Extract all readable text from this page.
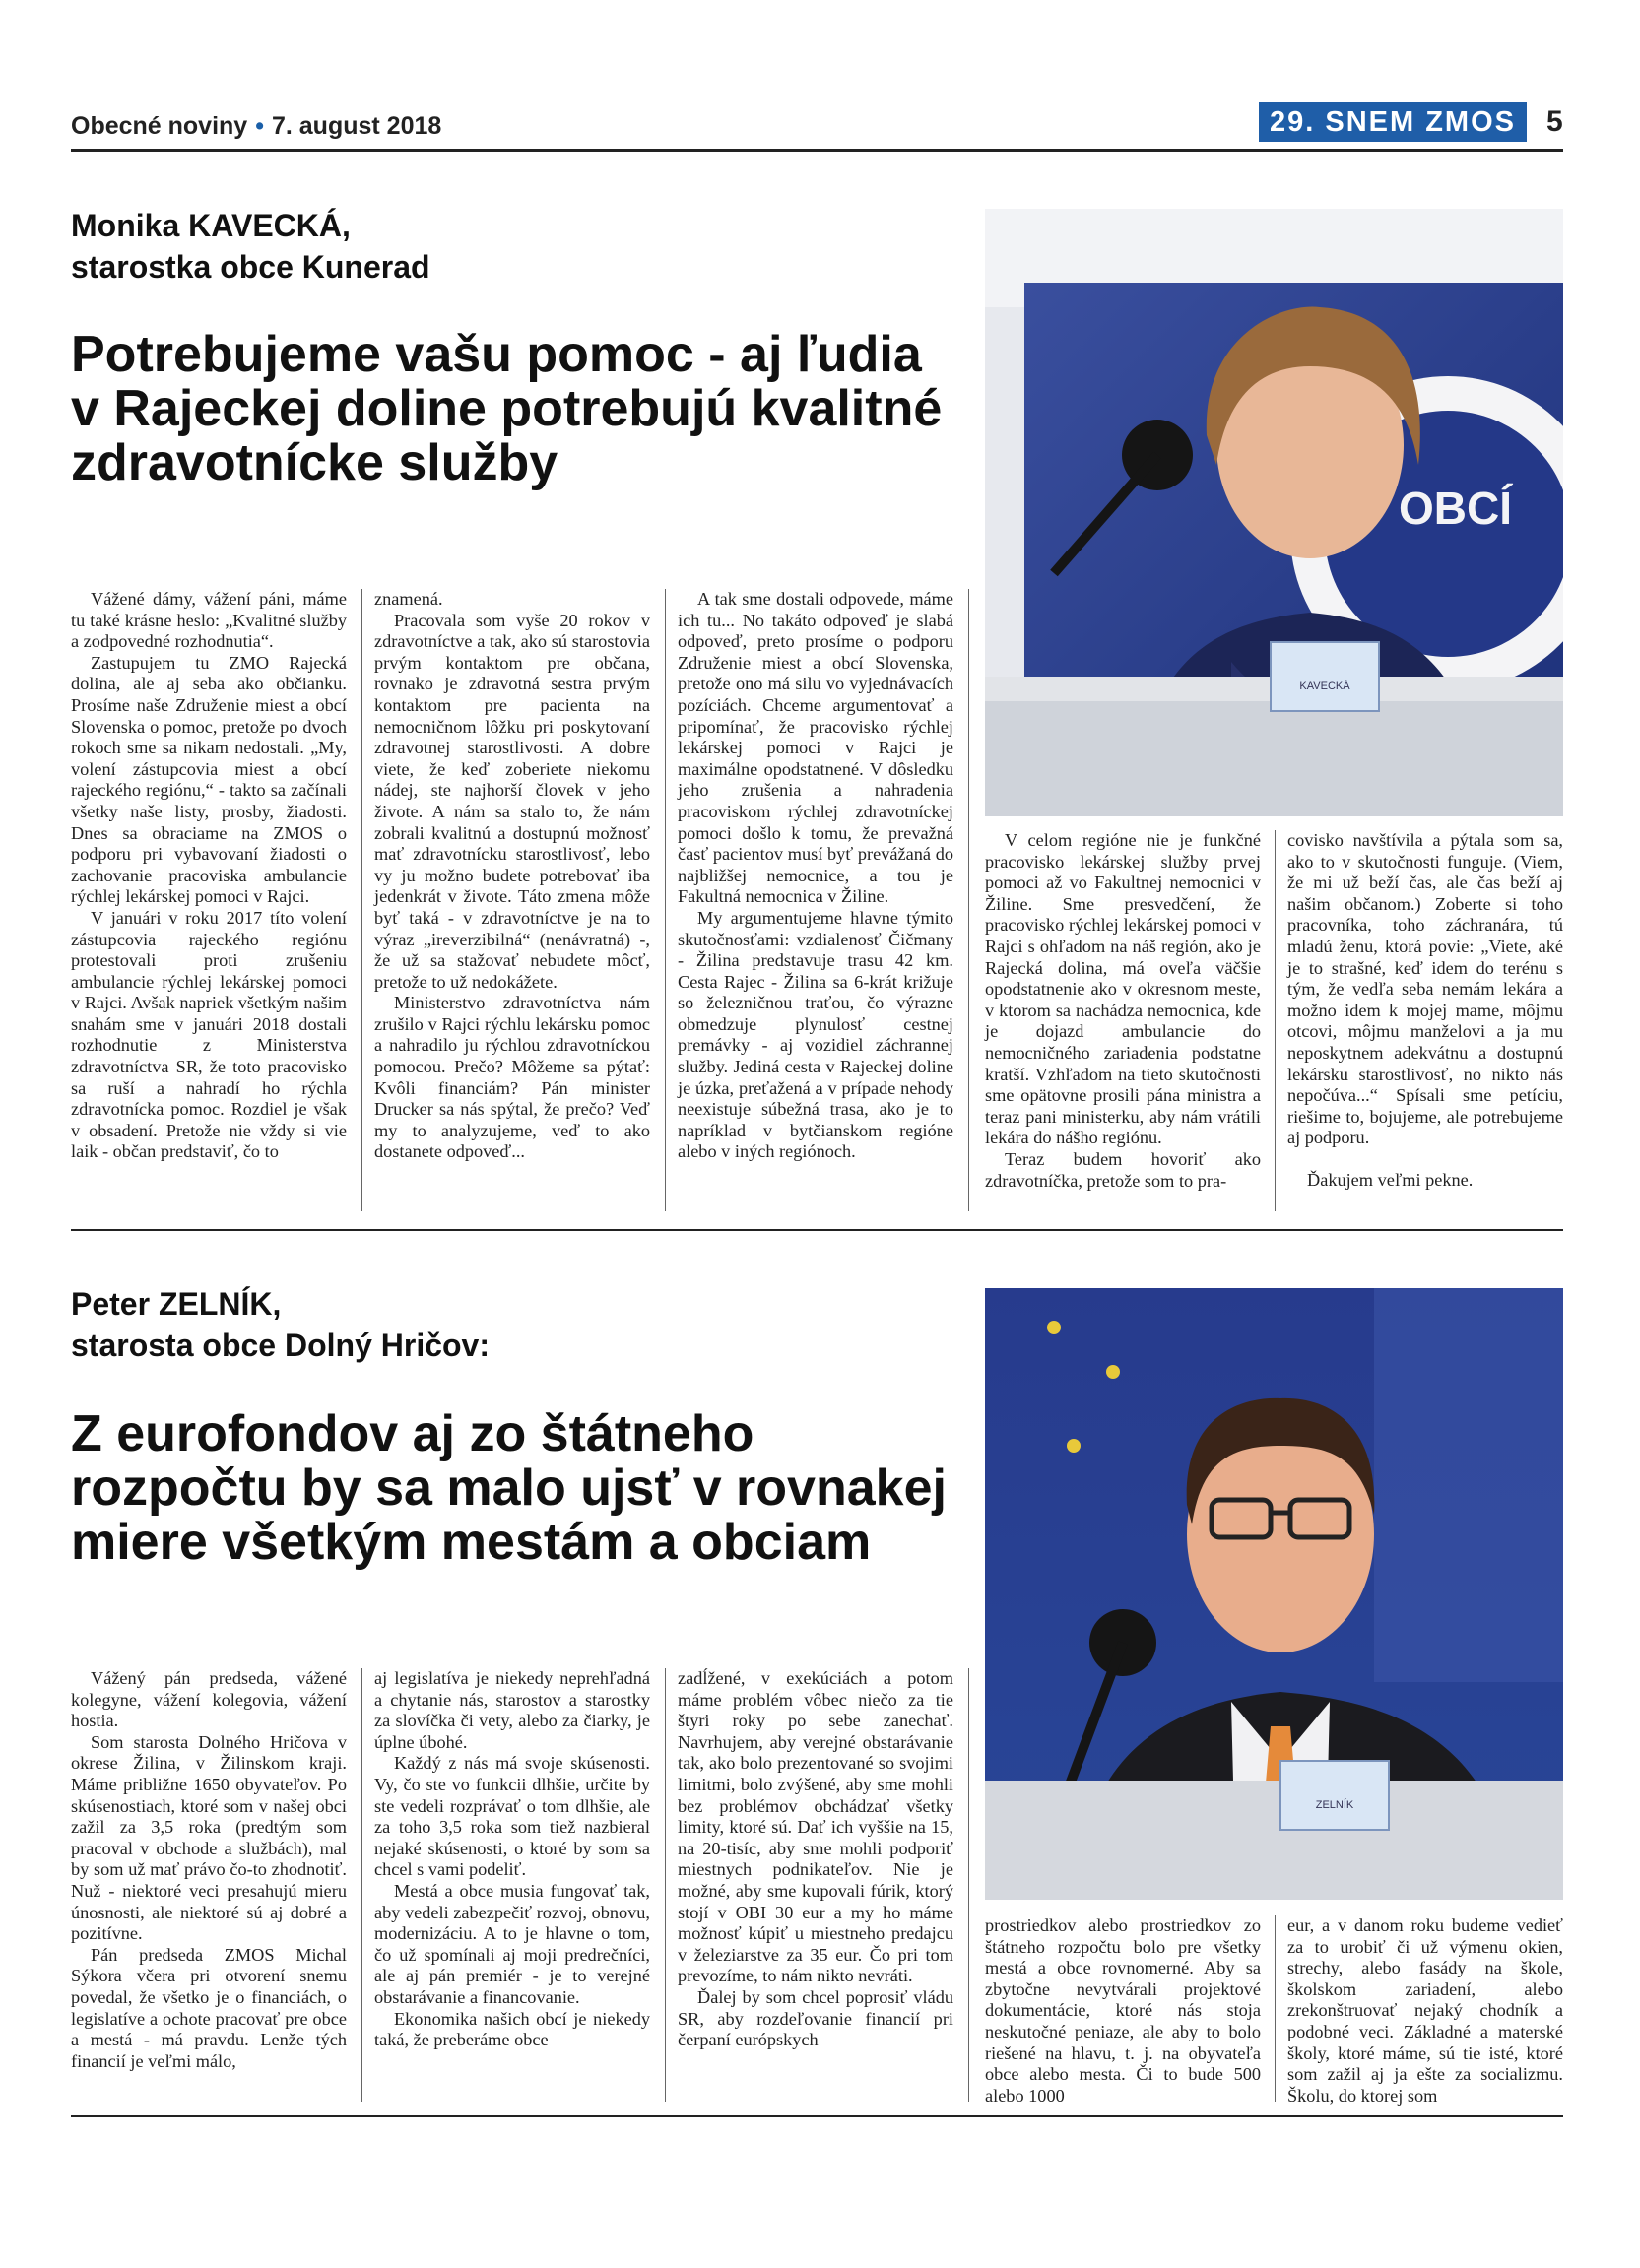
Obecné noviny • 7. august 2018	29. SNEM ZMOS	5
Monika KAVECKÁ,
starostka obce Kunerad
Potrebujeme vašu pomoc - aj ľudia v Rajeckej doline potrebujú kvalitné zdravotnícke služby
OBCÍ
KAVECKÁ

Vážené dámy, vážení páni, máme tu také krásne heslo: „Kvalitné služby a zodpovedné rozhodnutia“.

Zastupujem tu ZMO Rajecká dolina, ale aj seba ako občianku. Prosíme naše Združenie miest a obcí Slovenska o pomoc, pretože po dvoch rokoch sme sa nikam nedostali. „My, volení zástupcovia miest a obcí rajeckého regiónu,“ - takto sa začínali všetky naše listy, prosby, žiadosti. Dnes sa obraciame na ZMOS o podporu pri vybavovaní žiadosti o zachovanie pracoviska ambulancie rýchlej lekárskej pomoci v Rajci.

V januári v roku 2017 títo volení zástupcovia rajeckého regiónu protestovali proti zrušeniu ambulancie rýchlej lekárskej pomoci v Rajci. Avšak napriek všetkým našim snahám sme v januári 2018 dostali rozhodnutie z Ministerstva zdravotníctva SR, že toto pracovisko sa ruší a nahradí ho rýchla zdravotnícka pomoc. Rozdiel je však v obsadení. Pretože nie vždy si vie laik - občan predstaviť, čo to

znamená.

Pracovala som vyše 20 rokov v zdravotníctve a tak, ako sú starostovia prvým kontaktom pre občana, rovnako je zdravotná sestra prvým kontaktom pre pacienta na nemocničnom lôžku pri poskytovaní zdravotnej starostlivosti. A dobre viete, že keď zoberiete niekomu nádej, ste najhorší človek v jeho živote. A nám sa stalo to, že nám zobrali kvalitnú a dostupnú možnosť mať zdravotnícku starostlivosť, lebo vy ju možno budete potrebovať iba jedenkrát v živote. Táto zmena môže byť taká - v zdravotníctve je na to výraz „ireverzibilná“ (nenávratná) -, že už sa stažovať nebudete môcť, pretože to už nedokážete.

Ministerstvo zdravotníctva nám zrušilo v Rajci rýchlu lekársku pomoc a nahradilo ju rýchlou zdravotníckou pomocou. Prečo? Môžeme sa pýtať: Kvôli financiám? Pán minister Drucker sa nás spýtal, že prečo? Veď my to analyzujeme, veď to ako dostanete odpoveď...

A tak sme dostali odpovede, máme ich tu... No takáto odpoveď je slabá odpoveď, preto prosíme o podporu Združenie miest a obcí Slovenska, pretože ono má silu vo vyjednávacích pozíciách. Chceme argumentovať a pripomínať, že pracovisko rýchlej lekárskej pomoci v Rajci je maximálne opodstatnené. V dôsledku jeho zrušenia a nahradenia pracoviskom rýchlej zdravotníckej pomoci došlo k tomu, že prevažná časť pacientov musí byť prevážaná do najbližšej nemocnice, a tou je Fakultná nemocnica v Žiline.

My argumentujeme hlavne týmito skutočnosťami: vzdialenosť Čičmany - Žilina predstavuje trasu 42 km. Cesta Rajec - Žilina sa 6-krát križuje so železničnou traťou, čo výrazne obmedzuje plynulosť cestnej premávky - aj vozidiel záchrannej služby. Jediná cesta v Rajeckej doline je úzka, preťažená a v prípade nehody neexistuje súbežná trasa, ako je to napríklad v bytčianskom regióne alebo v iných regiónoch.

V celom regióne nie je funkčné pracovisko lekárskej služby prvej pomoci až vo Fakultnej nemocnici v Žiline. Sme presvedčení, že pracovisko rýchlej lekárskej pomoci v Rajci s ohľadom na náš región, ako je Rajecká dolina, má oveľa väčšie opodstatnenie ako v okresnom meste, v ktorom sa nachádza nemocnica, kde je dojazd ambulancie do nemocničného zariadenia podstatne kratší. Vzhľadom na tieto skutočnosti sme opätovne prosili pána ministra a teraz pani ministerku, aby nám vrátili lekára do nášho regiónu.

Teraz budem hovoriť ako zdravotníčka, pretože som to pra-

covisko navštívila a pýtala som sa, ako to v skutočnosti funguje. (Viem, že mi už beží čas, ale čas beží aj našim občanom.) Zoberte si toho pracovníka, toho záchranára, tú mladú ženu, ktorá povie: „Viete, aké je to strašné, keď idem do terénu s tým, že vedľa seba nemám lekára a možno idem k mojej mame, môjmu otcovi, môjmu manželovi a ja mu neposkytnem adekvátnu a dostupnú lekársku starostlivosť, no nikto nás nepočúva...“ Spísali sme petíciu, riešime to, bojujeme, ale potrebujeme aj podporu.

Ďakujem veľmi pekne.

Peter ZELNÍK,
starosta obce Dolný Hričov:
Z eurofondov aj zo štátneho rozpočtu by sa malo ujsť v rovnakej miere všetkým mestám a obciam
ZELNÍK

Vážený pán predseda, vážené kolegyne, vážení kolegovia, vážení hostia.

Som starosta Dolného Hričova v okrese Žilina, v Žilinskom kraji. Máme približne 1650 obyvateľov. Po skúsenostiach, ktoré som v našej obci zažil za 3,5 roka (predtým som pracoval v obchode a službách), mal by som už mať právo čo-to zhodnotiť. Nuž - niektoré veci presahujú mieru únosnosti, ale niektoré sú aj dobré a pozitívne.

Pán predseda ZMOS Michal Sýkora včera pri otvorení snemu povedal, že všetko je o financiách, o legislatíve a ochote pracovať pre obce a mestá - má pravdu. Lenže tých financií je veľmi málo,

aj legislatíva je niekedy neprehľadná a chytanie nás, starostov a starostky za slovíčka či vety, alebo za čiarky, je úplne úbohé.

Každý z nás má svoje skúsenosti. Vy, čo ste vo funkcii dlhšie, určite by ste vedeli rozprávať o tom dlhšie, ale za toho 3,5 roka som tiež nazbieral nejaké skúsenosti, o ktoré by som sa chcel s vami podeliť.

Mestá a obce musia fungovať tak, aby vedeli zabezpečiť rozvoj, obnovu, modernizáciu. A to je hlavne o tom, čo už spomínali aj moji predrečníci, ale aj pán premiér - je to verejné obstarávanie a financovanie.

Ekonomika našich obcí je niekedy taká, že preberáme obce

zadĺžené, v exekúciách a potom máme problém vôbec niečo za tie štyri roky po sebe zanechať. Navrhujem, aby verejné obstarávanie tak, ako bolo prezentované so svojimi limitmi, bolo zvýšené, aby sme mohli bez problémov obchádzať všetky limity, ktoré sú. Dať ich vyššie na 15, na 20-tisíc, aby sme mohli podporiť miestnych podnikateľov. Nie je možné, aby sme kupovali fúrik, ktorý stojí v OBI 30 eur a my ho máme možnosť kúpiť u miestneho predajcu v železiarstve za 35 eur. Čo pri tom prevozíme, to nám nikto nevráti.

Ďalej by som chcel poprosiť vládu SR, aby rozdeľovanie financií pri čerpaní európskych

prostriedkov alebo prostriedkov zo štátneho rozpočtu bolo pre všetky mestá a obce rovnomerné. Aby sa zbytočne nevytvárali projektové dokumentácie, ktoré nás stoja neskutočné peniaze, ale aby to bolo riešené na hlavu, t. j. na obyvateľa obce alebo mesta. Či to bude 500 alebo 1000

eur, a v danom roku budeme vedieť za to urobiť či už výmenu okien, strechy, alebo fasády na škole, školskom zariadení, alebo zrekonštruovať nejaký chodník a podobné veci. Základné a materské školy, ktoré máme, sú tie isté, ktoré som zažil aj ja ešte za socializmu. Školu, do ktorej som
